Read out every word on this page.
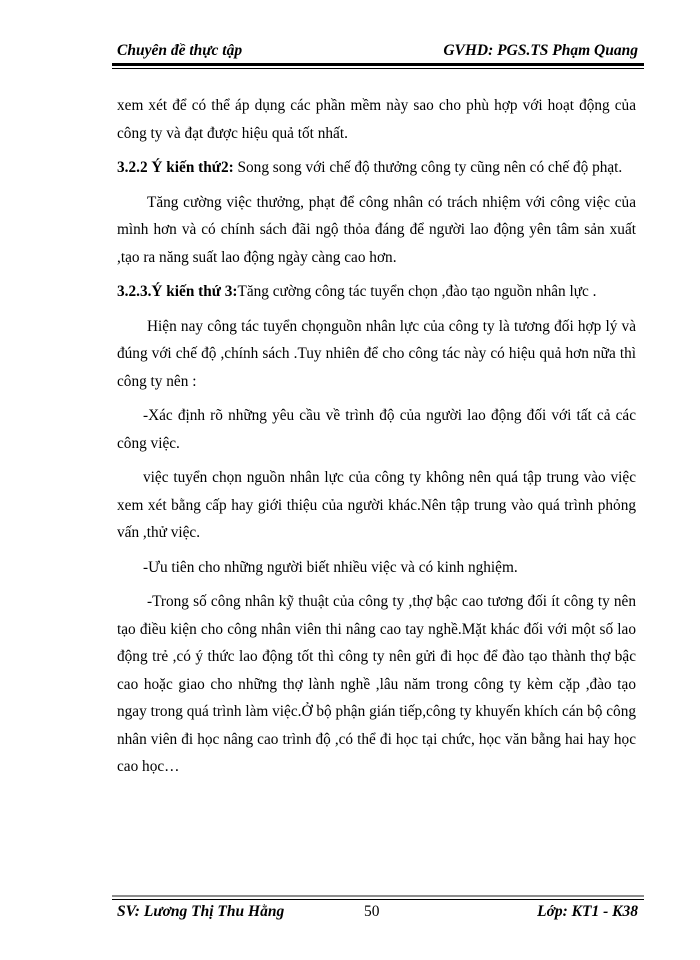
Chuyên đề thực tập	GVHD: PGS.TS Phạm Quang

xem xét để có thể áp dụng các phần mềm này sao cho phù hợp với hoạt động của công ty và đạt được hiệu quả tốt nhất.

3.2.2 Ý kiến thứ2: Song song với chế độ thưởng công ty cũng nên có chế độ phạt.

Tăng cường việc thưởng, phạt để công nhân có trách nhiệm với công việc của mình hơn và có chính sách đãi ngộ thỏa đáng để người lao động yên tâm sản xuất ,tạo ra năng suất lao động ngày càng cao hơn.

3.2.3.Ý kiến thứ 3:Tăng cường công tác tuyển chọn ,đào tạo nguồn nhân lực .

Hiện nay công tác tuyển chọnguồn nhân lực của công ty là tương đối hợp lý và đúng với chế độ ,chính sách .Tuy nhiên để cho công tác này có hiệu quả hơn nữa thì công ty nên :

-Xác định rõ những yêu cầu về trình độ của người lao động đối với tất cả các công việc.

việc tuyển chọn nguồn nhân lực của công ty không nên quá tập trung vào việc xem xét bằng cấp hay giới thiệu của người khác.Nên tập trung vào quá trình phỏng vấn ,thử việc.

-Ưu tiên cho những người biết nhiều việc và có kinh nghiệm.

-Trong số công nhân kỹ thuật của công ty ,thợ bậc cao tương đối ít công ty nên tạo điều kiện cho công nhân viên thi nâng cao tay nghề.Mặt khác đối với một số lao động trẻ ,có ý thức lao động tốt thì công ty nên gửi đi học để đào tạo thành thợ bậc cao hoặc giao cho những thợ lành nghề ,lâu năm trong công ty kèm cặp ,đào tạo ngay trong quá trình làm việc.Ở bộ phận gián tiếp,công ty khuyến khích cán bộ công nhân viên đi học nâng cao trình độ ,có thể đi học tại chức, học văn bằng hai hay học cao học…

SV: Lương Thị Thu Hằng	50	Lớp: KT1 - K38
